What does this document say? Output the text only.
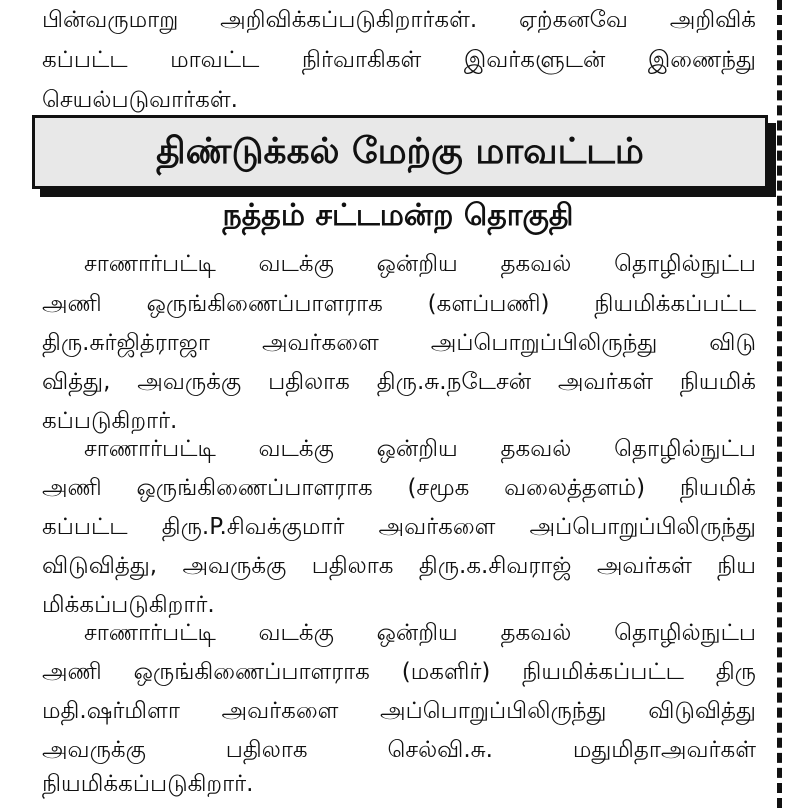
பின்வருமாறு அறிவிக்கப்படுகிறார்கள். ஏற்கனவே அறிவிக்
கப்பட்ட மாவட்ட நிர்வாகிகள் இவர்களுடன் இணைந்து
செயல்படுவார்கள்.
திண்டுக்கல் மேற்கு மாவட்டம்
நத்தம் சட்டமன்ற தொகுதி
சாணார்பட்டி வடக்கு ஒன்றிய தகவல் தொழில்நுட்ப
அணி ஒருங்கிணைப்பாளராக (களப்பணி) நியமிக்கப்பட்ட
திரு.சுர்ஜித்ராஜா அவர்களை அப்பொறுப்பிலிருந்து விடு
வித்து, அவருக்கு பதிலாக திரு.சு.நடேசன் அவர்கள் நியமிக்
கப்படுகிறார்.
சாணார்பட்டி வடக்கு ஒன்றிய தகவல் தொழில்நுட்ப
அணி ஒருங்கிணைப்பாளராக (சமூக வலைத்தளம்) நியமிக்
கப்பட்ட திரு.P.சிவக்குமார் அவர்களை அப்பொறுப்பிலிருந்து
விடுவித்து, அவருக்கு பதிலாக திரு.க.சிவராஜ் அவர்கள் நிய
மிக்கப்படுகிறார்.
சாணார்பட்டி வடக்கு ஒன்றிய தகவல் தொழில்நுட்ப
அணி ஒருங்கிணைப்பாளராக (மகளிர்) நியமிக்கப்பட்ட திரு
மதி.ஷர்மிளா அவர்களை அப்பொறுப்பிலிருந்து விடுவித்து
அவருக்கு பதிலாக செல்வி.சு. மதுமிதாஅவர்கள்
நியமிக்கப்படுகிறார்.
